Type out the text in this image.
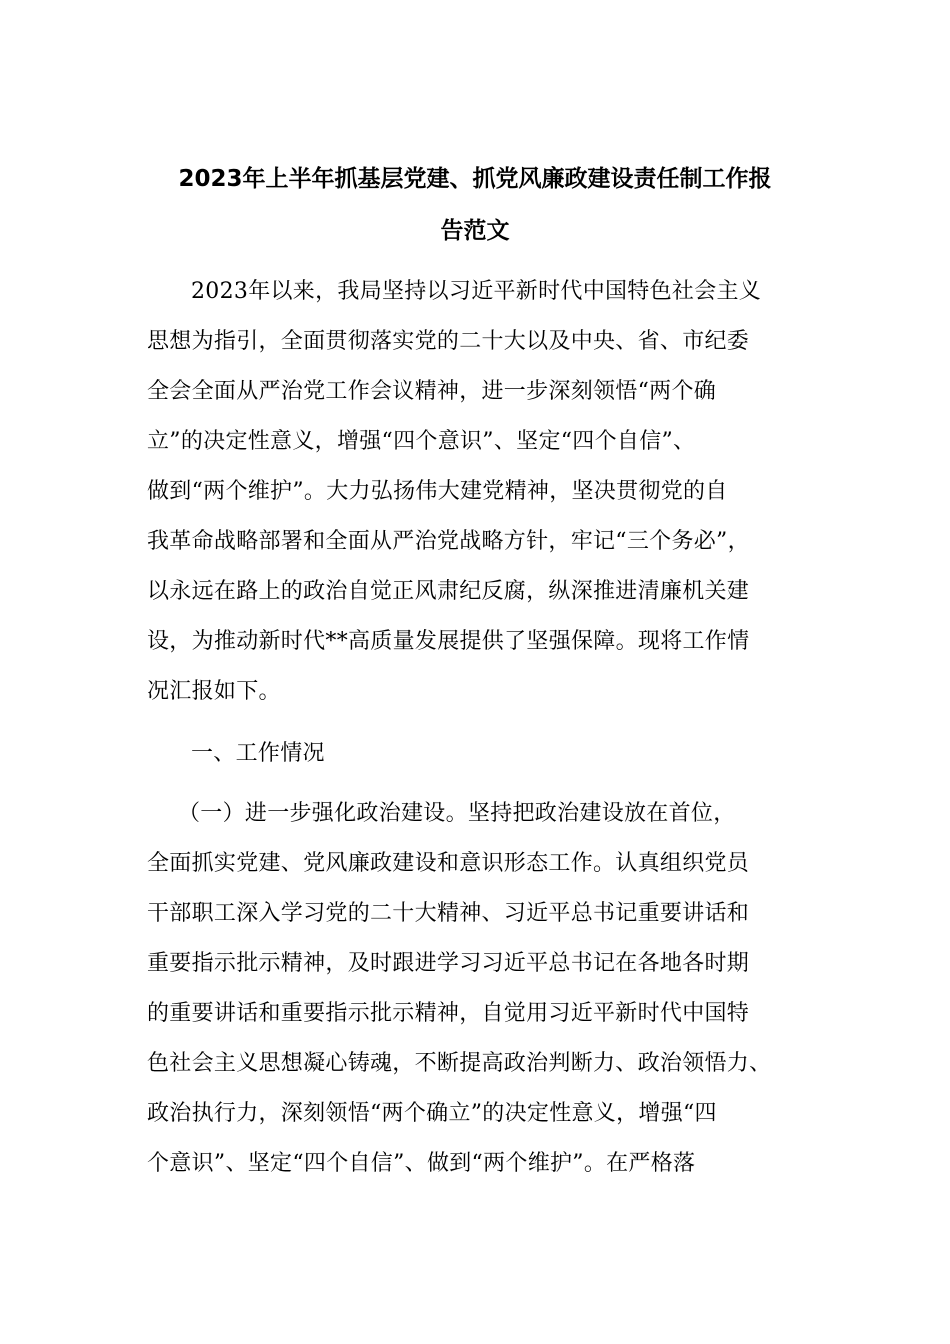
2023年上半年抓基层党建、抓党风廉政建设责任制工作报
告范文
2023年以来，我局坚持以习近平新时代中国特色社会主义
思想为指引，全面贯彻落实党的二十大以及中央、省、市纪委
全会全面从严治党工作会议精神，进一步深刻领悟“两个确
立”的决定性意义，增强“四个意识”、坚定“四个自信”、
做到“两个维护”。大力弘扬伟大建党精神，坚决贯彻党的自
我革命战略部署和全面从严治党战略方针，牢记“三个务必”，
以永远在路上的政治自觉正风肃纪反腐，纵深推进清廉机关建
设，为推动新时代**高质量发展提供了坚强保障。现将工作情
况汇报如下。
一、工作情况
（一）进一步强化政治建设。坚持把政治建设放在首位，
全面抓实党建、党风廉政建设和意识形态工作。认真组织党员
干部职工深入学习党的二十大精神、习近平总书记重要讲话和
重要指示批示精神，及时跟进学习习近平总书记在各地各时期
的重要讲话和重要指示批示精神，自觉用习近平新时代中国特
色社会主义思想凝心铸魂，不断提高政治判断力、政治领悟力、
政治执行力，深刻领悟“两个确立”的决定性意义，增强“四
个意识”、坚定“四个自信”、做到“两个维护”。在严格落
